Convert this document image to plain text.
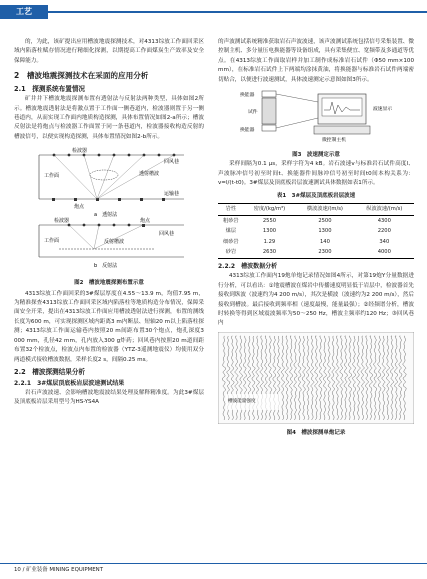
工艺

的，为此，该矿提出应用槽波地震探测技术，对4313综放工作面回采区域内陷落柱赋存情况进行精细化探测，以期提高工作面煤炭生产效率及安全保障能力。

2　槽波地震探测技术在采面的应用分析
2.1　探测系统布置情况

矿井井下槽波地震探测布置有透射法与反射法两种类型，具体如图2所示。槽波地震透射法是将激点置于工作面一侧巷道内，检波器则置于另一侧巷道内，从而实现工作面内地质构造探测，具体布置情况如图2-a所示；槽波反射法是将炮点与检波器工作面置于同一条巷道内，检波器接收构造反射的槽波信号，以便实现构造探测，具体布置情况如图2-b所示。

检波器
炮点
回风巷
运输巷
透射槽波
工作面
a　透射法
检波器	炮点
回风巷
反射槽波
工作面
b　反射法
图2　槽波地震探测布置示意

4313综放工作面回采的3#煤层厚度在4.55～13.9 m，均值7.95 m，为精准探查4313综放工作面回采区域内陷落柱等地质构造分布情况，保障采面安全开采，提出在4313综放工作面应用槽波透射法进行探测，布置的测线长度为600 m，可实现探测区域内距离3 m内断层、短轴20 m以上陷落柱探测；4313综放工作面运输巷内按照20 m间距布置30个炮点，炮孔深度3 000 mm，孔径42 mm，孔内放入300 g炸药；回风巷内按照20 m道间距布置32个检波点，检波点内布置的检波器（YTZ-3遥测地震仪）均使用双分两道模式接收槽波数据，采样长度2 s，间隔0.25 ms。

2.2　槽波探测结果分析
2.2.1　3#煤层顶底板岩层波速测试结果

岩石声波波速、会影响槽波地震波结果处理及解释精准度。为此3#煤层及顶底板岩层采用型号为HS-YS4A

的声波测试系统精准获取岩石声波波速，该声波测试系统包括信号采集装置、微控制主机、多分量压电换能器等设备组成，具有采集便宜、宽频带及多通道等优点。在4313综放工作面取岩样并加工制作成标准岩石试件（Φ50 mm×100 mm），在标准岩石试件上下两端均涂抹黄油，将换能器与标准岩石试件两端密切贴合，以便进行波速测试，具体波速测定示意图如图3所示。

换能器
试件
换能器
波速显示
微控制主机
图3　波速测定示意

采样间隔为0.1 μs，采样字符为4 kB。岩石波速v与标准岩石试件高度l、声波脉冲信号初至时间t、换能器件间脉冲信号初至时间t0间本构关系为：v=l/(t-t0)。3#煤层及顶底板岩层波速测试具体数据如表1所示。

表1　3#煤层及顶底板岩层波速
岩性	密度/(kg/m³)	横波波速/(m/s)	纵波波速/(m/s)
粗砂岩	2550	2500	4300
煤层	1300	1300	2200
细砂岩	1.29	140	340
砂岩	2630	2300	4000
2.2.2　槽波数据分析

4313综放工作面内19炮单炮记录情况如图4所示，对第19炮Y分量数据进行分析，可以看出：①地震槽波在煤岩中传播速度明显低于岩层中，检波器首先接收到纵波（波速约为4 200 m/s），其次是横波（波速约为2 200 m/s），然后接收到槽波。最后接收到频率相（速度最慢，能量最强）；②经频谱分析，槽波时转换等得到区域震波频率为50～250 Hz，槽波主频率约120 Hz；③回风巷内

槽波能量强度
图4　槽波探测单炮记录
10 / 矿业装备 MINING EQUIPMENT
